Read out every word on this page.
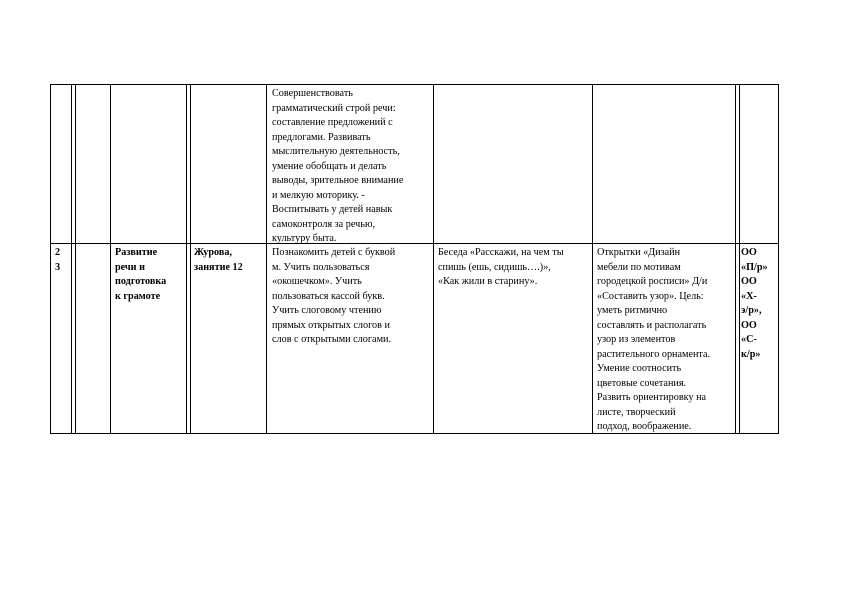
Совершенствовать
грамматический строй речи:
составление предложений с
предлогами. Развивать
мыслительную деятельность,
умение обобщать и делать
выводы, зрительное внимание
и мелкую моторику. -
Воспитывать у детей навык
самоконтроля за речью,
культуру быта.
2
3
Развитие
речи и
подготовка
к грамоте
Журова,
занятие 12
Познакомить детей с буквой
м. Учить пользоваться
«окошечком». Учить
пользоваться кассой букв.
Учить слоговому чтению
прямых открытых слогов и
слов с открытыми слогами.
Беседа «Расскажи, на чем ты
спишь (ешь, сидишь….)»,
«Как жили в старину».
Открытки «Дизайн
мебели по мотивам
городецкой росписи» Д/и
«Составить узор». Цель:
уметь ритмично
составлять и располагать
узор из элементов
растительного орнамента.
Умение соотносить
цветовые сочетания.
Развить ориентировку на
листе, творческий
подход, воображение.
ОО
«П/р»
ОО
«Х-
э/р»,
ОО
«С-
к/р»
